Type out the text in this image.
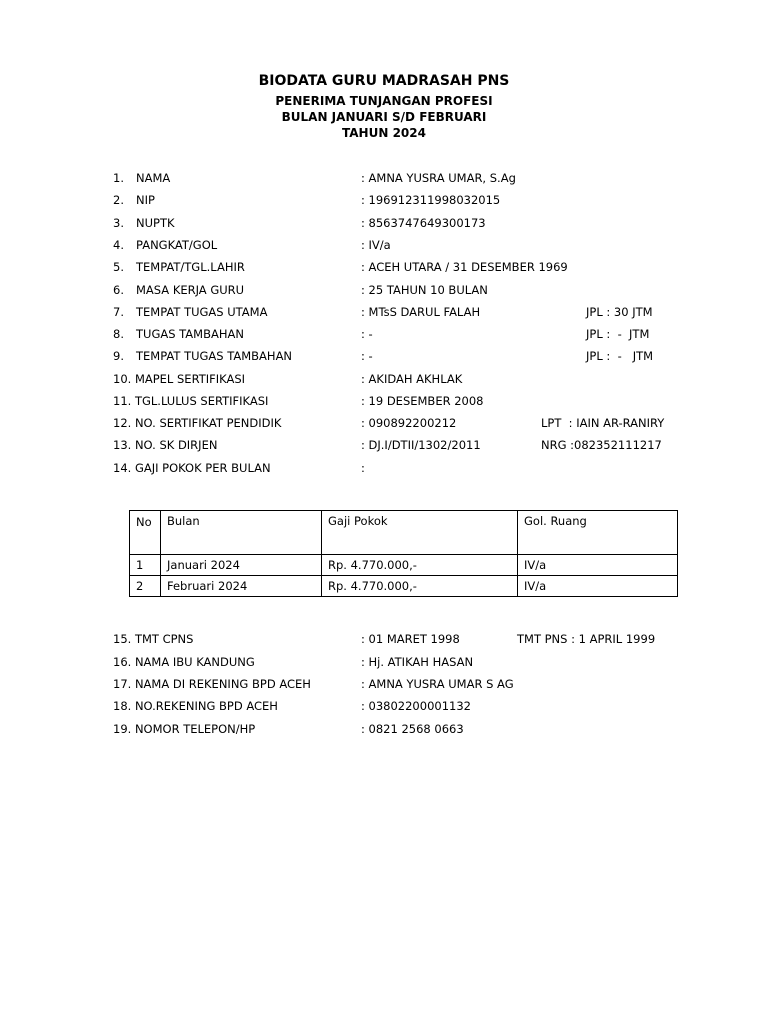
BIODATA GURU MADRASAH PNS
PENERIMA TUNJANGAN PROFESI
BULAN JANUARI S/D FEBRUARI
TAHUN 2024
1. NAMA	: AMNA YUSRA UMAR, S.Ag
2. NIP	: 196912311998032015
3. NUPTK	: 8563747649300173
4. PANGKAT/GOL	: IV/a
5. TEMPAT/TGL.LAHIR	: ACEH UTARA / 31 DESEMBER 1969
6. MASA KERJA GURU	: 25 TAHUN 10 BULAN
7. TEMPAT TUGAS UTAMA	: MTsS DARUL FALAH	JPL : 30 JTM
8. TUGAS TAMBAHAN	: -	JPL :  -  JTM
9. TEMPAT TUGAS TAMBAHAN	: -	JPL :  -   JTM
10. MAPEL SERTIFIKASI	: AKIDAH AKHLAK
11. TGL.LULUS SERTIFIKASI	: 19 DESEMBER 2008
12. NO. SERTIFIKAT PENDIDIK	: 090892200212	LPT  : IAIN AR-RANIRY
13. NO. SK DIRJEN	: DJ.I/DTII/1302/2011	NRG :082352111217
14. GAJI POKOK PER BULAN	:
No	Bulan	Gaji Pokok	Gol. Ruang
1	Januari 2024	Rp. 4.770.000,-	IV/a
2	Februari 2024	Rp. 4.770.000,-	IV/a
15. TMT CPNS	: 01 MARET 1998	TMT PNS : 1 APRIL 1999
16. NAMA IBU KANDUNG	: Hj. ATIKAH HASAN
17. NAMA DI REKENING BPD ACEH	: AMNA YUSRA UMAR S AG
18. NO.REKENING BPD ACEH	: 03802200001132
19. NOMOR TELEPON/HP	: 0821 2568 0663
